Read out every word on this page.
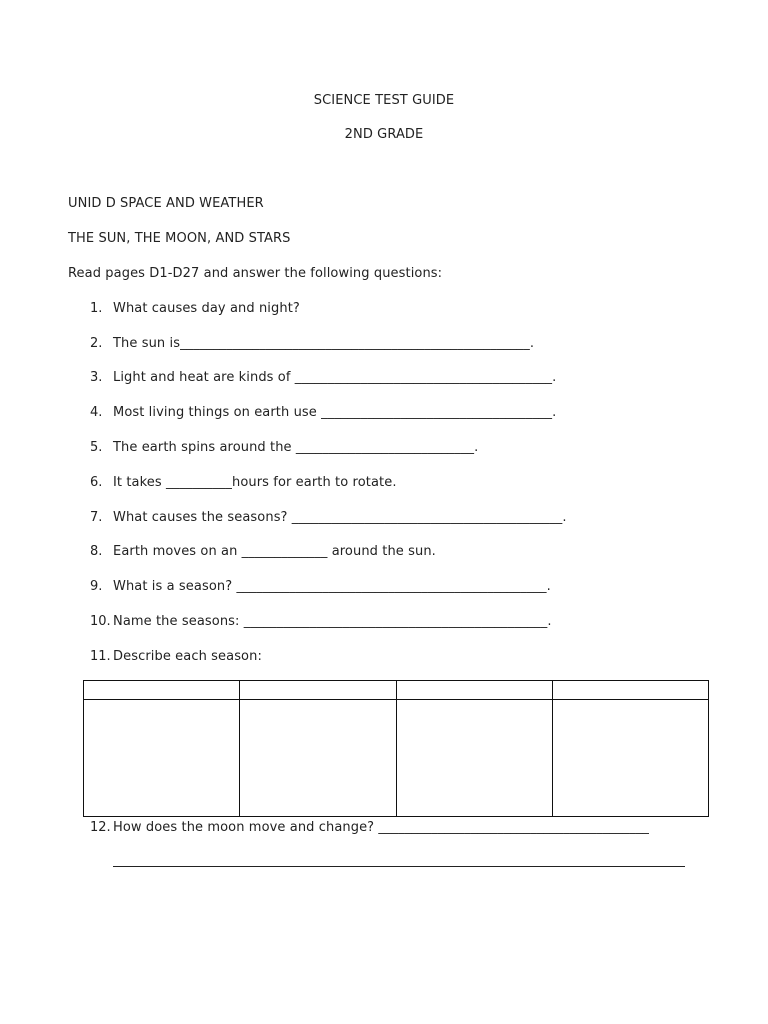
SCIENCE TEST GUIDE
2ND GRADE
UNID D SPACE AND WEATHER
THE SUN, THE MOON, AND STARS
Read pages D1-D27 and answer the following questions:
1. What causes day and night?
2. The sun is_____________________________________________________.
3. Light and heat are kinds of _______________________________________.
4. Most living things on earth use ___________________________________.
5. The earth spins around the ___________________________.
6. It takes __________hours for earth to rotate.
7. What causes the seasons? _________________________________________.
8. Earth moves on an _____________ around the sun.
9. What is a season? _______________________________________________.
10. Name the seasons: ______________________________________________.
11. Describe each season:

12. How does the moon move and change? _________________________________________
